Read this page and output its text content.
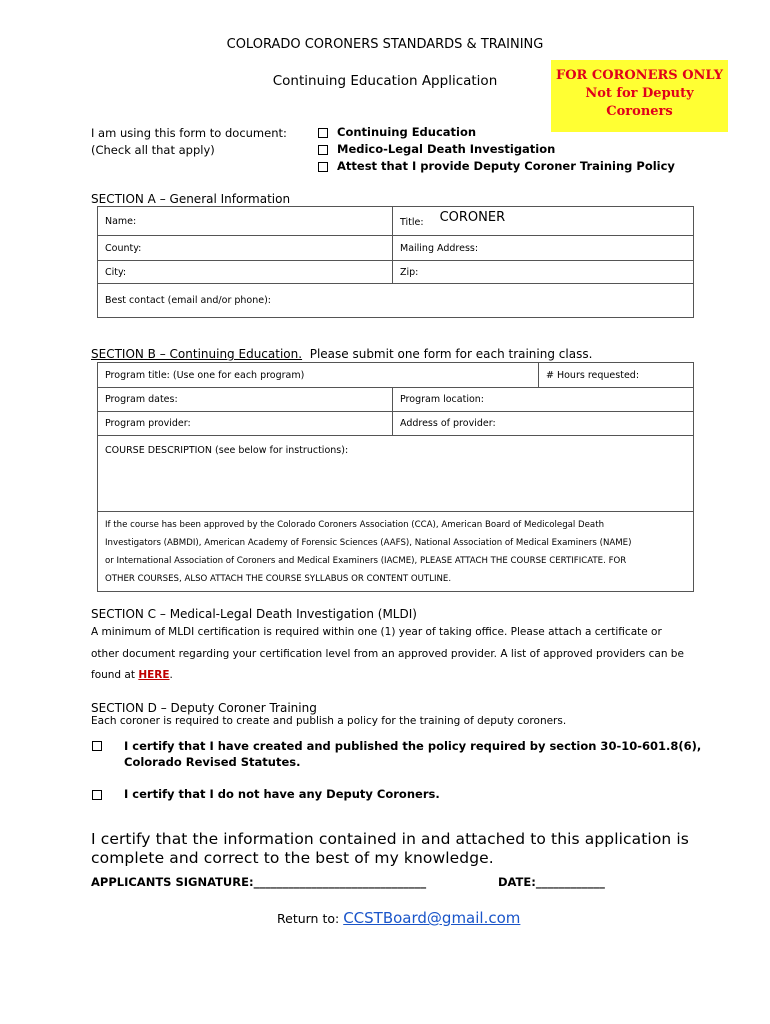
COLORADO CORONERS STANDARDS & TRAINING
Continuing Education Application	FOR CORONERS ONLY
Not for Deputy
Coroners
I am using this form to document:
(Check all that apply)
Continuing Education
Medico-Legal Death Investigation
Attest that I provide Deputy Coroner Training Policy
SECTION A – General Information
Name:	Title: CORONER
County:	Mailing Address:
City:	Zip:
Best contact (email and/or phone):	
SECTION B – Continuing Education. Please submit one form for each training class.
Program title: (Use one for each program)		# Hours requested:
Program dates:	Program location:	
Program provider:	Address of provider:	
COURSE DESCRIPTION (see below for instructions):		

If the course has been approved by the Colorado Coroners Association (CCA), American Board of Medicolegal Death
Investigators (ABMDI), American Academy of Forensic Sciences (AAFS), National Association of Medical Examiners (NAME)
or International Association of Coroners and Medical Examiners (IACME), PLEASE ATTACH THE COURSE CERTIFICATE. FOR
OTHER COURSES, ALSO ATTACH THE COURSE SYLLABUS OR CONTENT OUTLINE.		
SECTION C – Medical-Legal Death Investigation (MLDI)
A minimum of MLDI certification is required within one (1) year of taking office. Please attach a certificate or
other document regarding your certification level from an approved provider. A list of approved providers can be
found at HERE.
SECTION D – Deputy Coroner Training
Each coroner is required to create and publish a policy for the training of deputy coroners.
I certify that I have created and published the policy required by section 30-10-601.8(6),
Colorado Revised Statutes.
I certify that I do not have any Deputy Coroners.
I certify that the information contained in and attached to this application is
complete and correct to the best of my knowledge.
APPLICANTS SIGNATURE:______________________________	DATE:____________
Return to: CCSTBoard@gmail.com
